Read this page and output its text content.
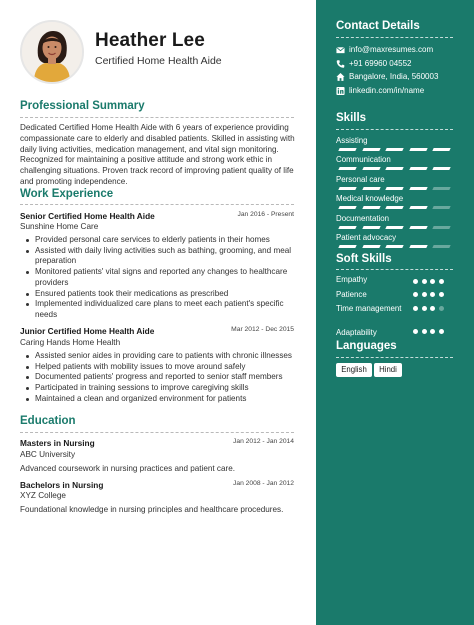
Heather Lee
Certified Home Health Aide
Professional Summary
Dedicated Certified Home Health Aide with 6 years of experience providing compassionate care to elderly and disabled patients. Skilled in assisting with daily living activities, medication management, and vital sign monitoring. Recognized for maintaining a positive attitude and strong work ethic in challenging situations. Proven track record of improving patient quality of life and promoting independence.
Work Experience
Senior Certified Home Health Aide	Jan 2016 - Present
Sunshine Home Care
Provided personal care services to elderly patients in their homes
Assisted with daily living activities such as bathing, grooming, and meal preparation
Monitored patients' vital signs and reported any changes to healthcare providers
Ensured patients took their medications as prescribed
Implemented individualized care plans to meet each patient's specific needs
Junior Certified Home Health Aide	Mar 2012 - Dec 2015
Caring Hands Home Health
Assisted senior aides in providing care to patients with chronic illnesses
Helped patients with mobility issues to move around safely
Documented patients' progress and reported to senior staff members
Participated in training sessions to improve caregiving skills
Maintained a clean and organized environment for patients
Education
Masters in Nursing	Jan 2012 - Jan 2014
ABC University
Advanced coursework in nursing practices and patient care.
Bachelors in Nursing	Jan 2008 - Jan 2012
XYZ College
Foundational knowledge in nursing principles and healthcare procedures.
Contact Details
info@maxresumes.com
+91 69960 04552
Bangalore, India, 560003
linkedin.com/in/name
Skills
Assisting
Communication
Personal care
Medical knowledge
Documentation
Patient advocacy
Soft Skills
Empathy
Patience
Time management
Adaptability
Languages
English	Hindi
